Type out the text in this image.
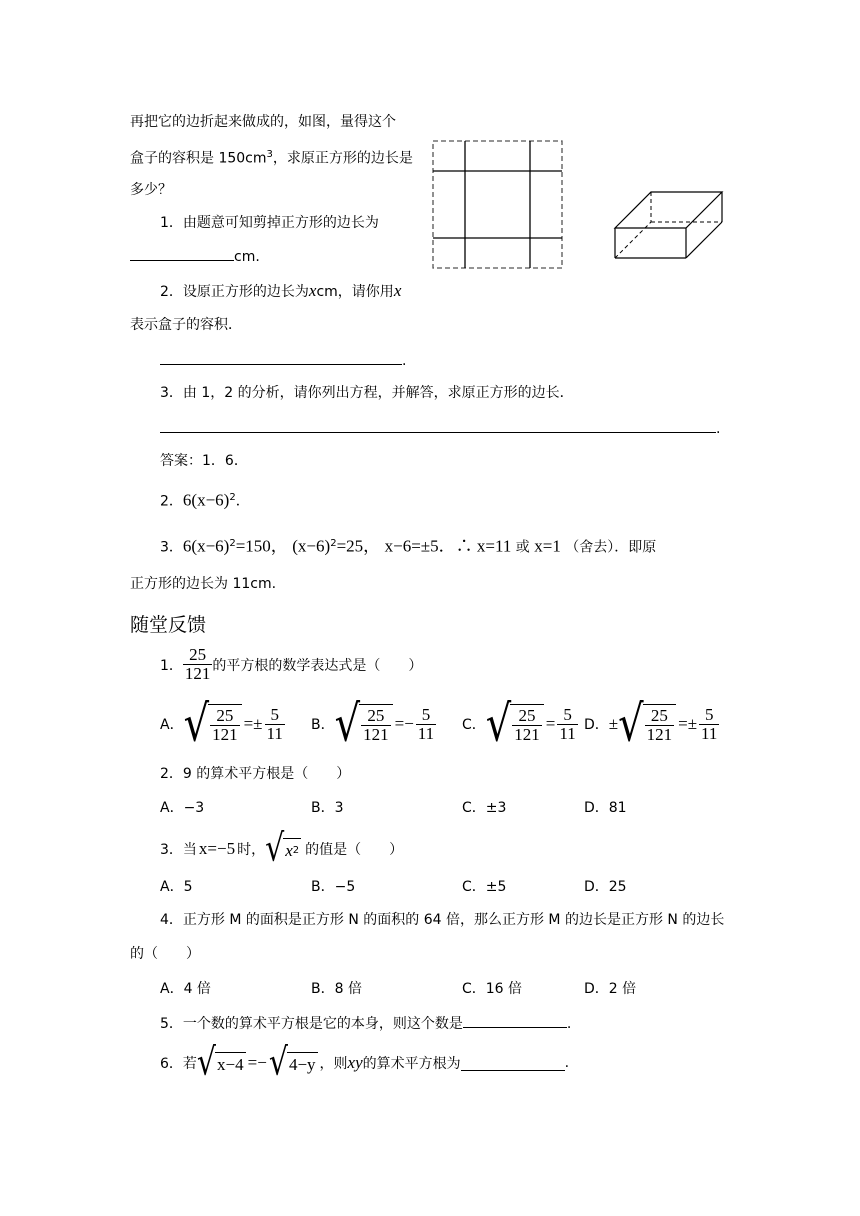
再把它的边折起来做成的，如图，量得这个
盒子的容积是 $150cm^3$，求原正方形的边长是
多少？
1．由题意可知剪掉正方形的边长为
cm.
2．设原正方形的边长为xcm，请你用x
表示盒子的容积．
.
3．由 1，2 的分析，请你列出方程，并解答，求原正方形的边长．
.
答案：1．6．
2．$6(x-6)^2$．
3．$6(x-6)^2=150$， $(x-6)^2=25$， x−6=±5．∴ x=11 或 x=1 （舍去）．即原
正方形的边长为 11cm.
随堂反馈
1． $\frac{25}{121}$ 的平方根的数学表达式是（　　）
A． √ $\frac{25}{121} =\pm \frac{5}{11}$ B． √ $\frac{25}{121} =- \frac{5}{11}$ C． √ $\frac{25}{121} = \frac{5}{11}$ D． ± √ $\frac{25}{121} =\pm \frac{5}{11}$
2．9 的算术平方根是（　　）
A．−3	B．3	C．±3	D．81
3．当 x=−5 时， √ x 2 的值是（　　）
A．5	B．−5	C．±5	D．25
4．正方形 M 的面积是正方形 N 的面积的 64 倍，那么正方形 M 的边长是正方形 N 的边长
的（　　）
A．4 倍	B．8 倍	C．16 倍	D．2 倍
5．一个数的算术平方根是它的本身，则这个数是	.
6．若 √ x−4 =− √ 4−y ，则 xy 的算术平方根为	.
